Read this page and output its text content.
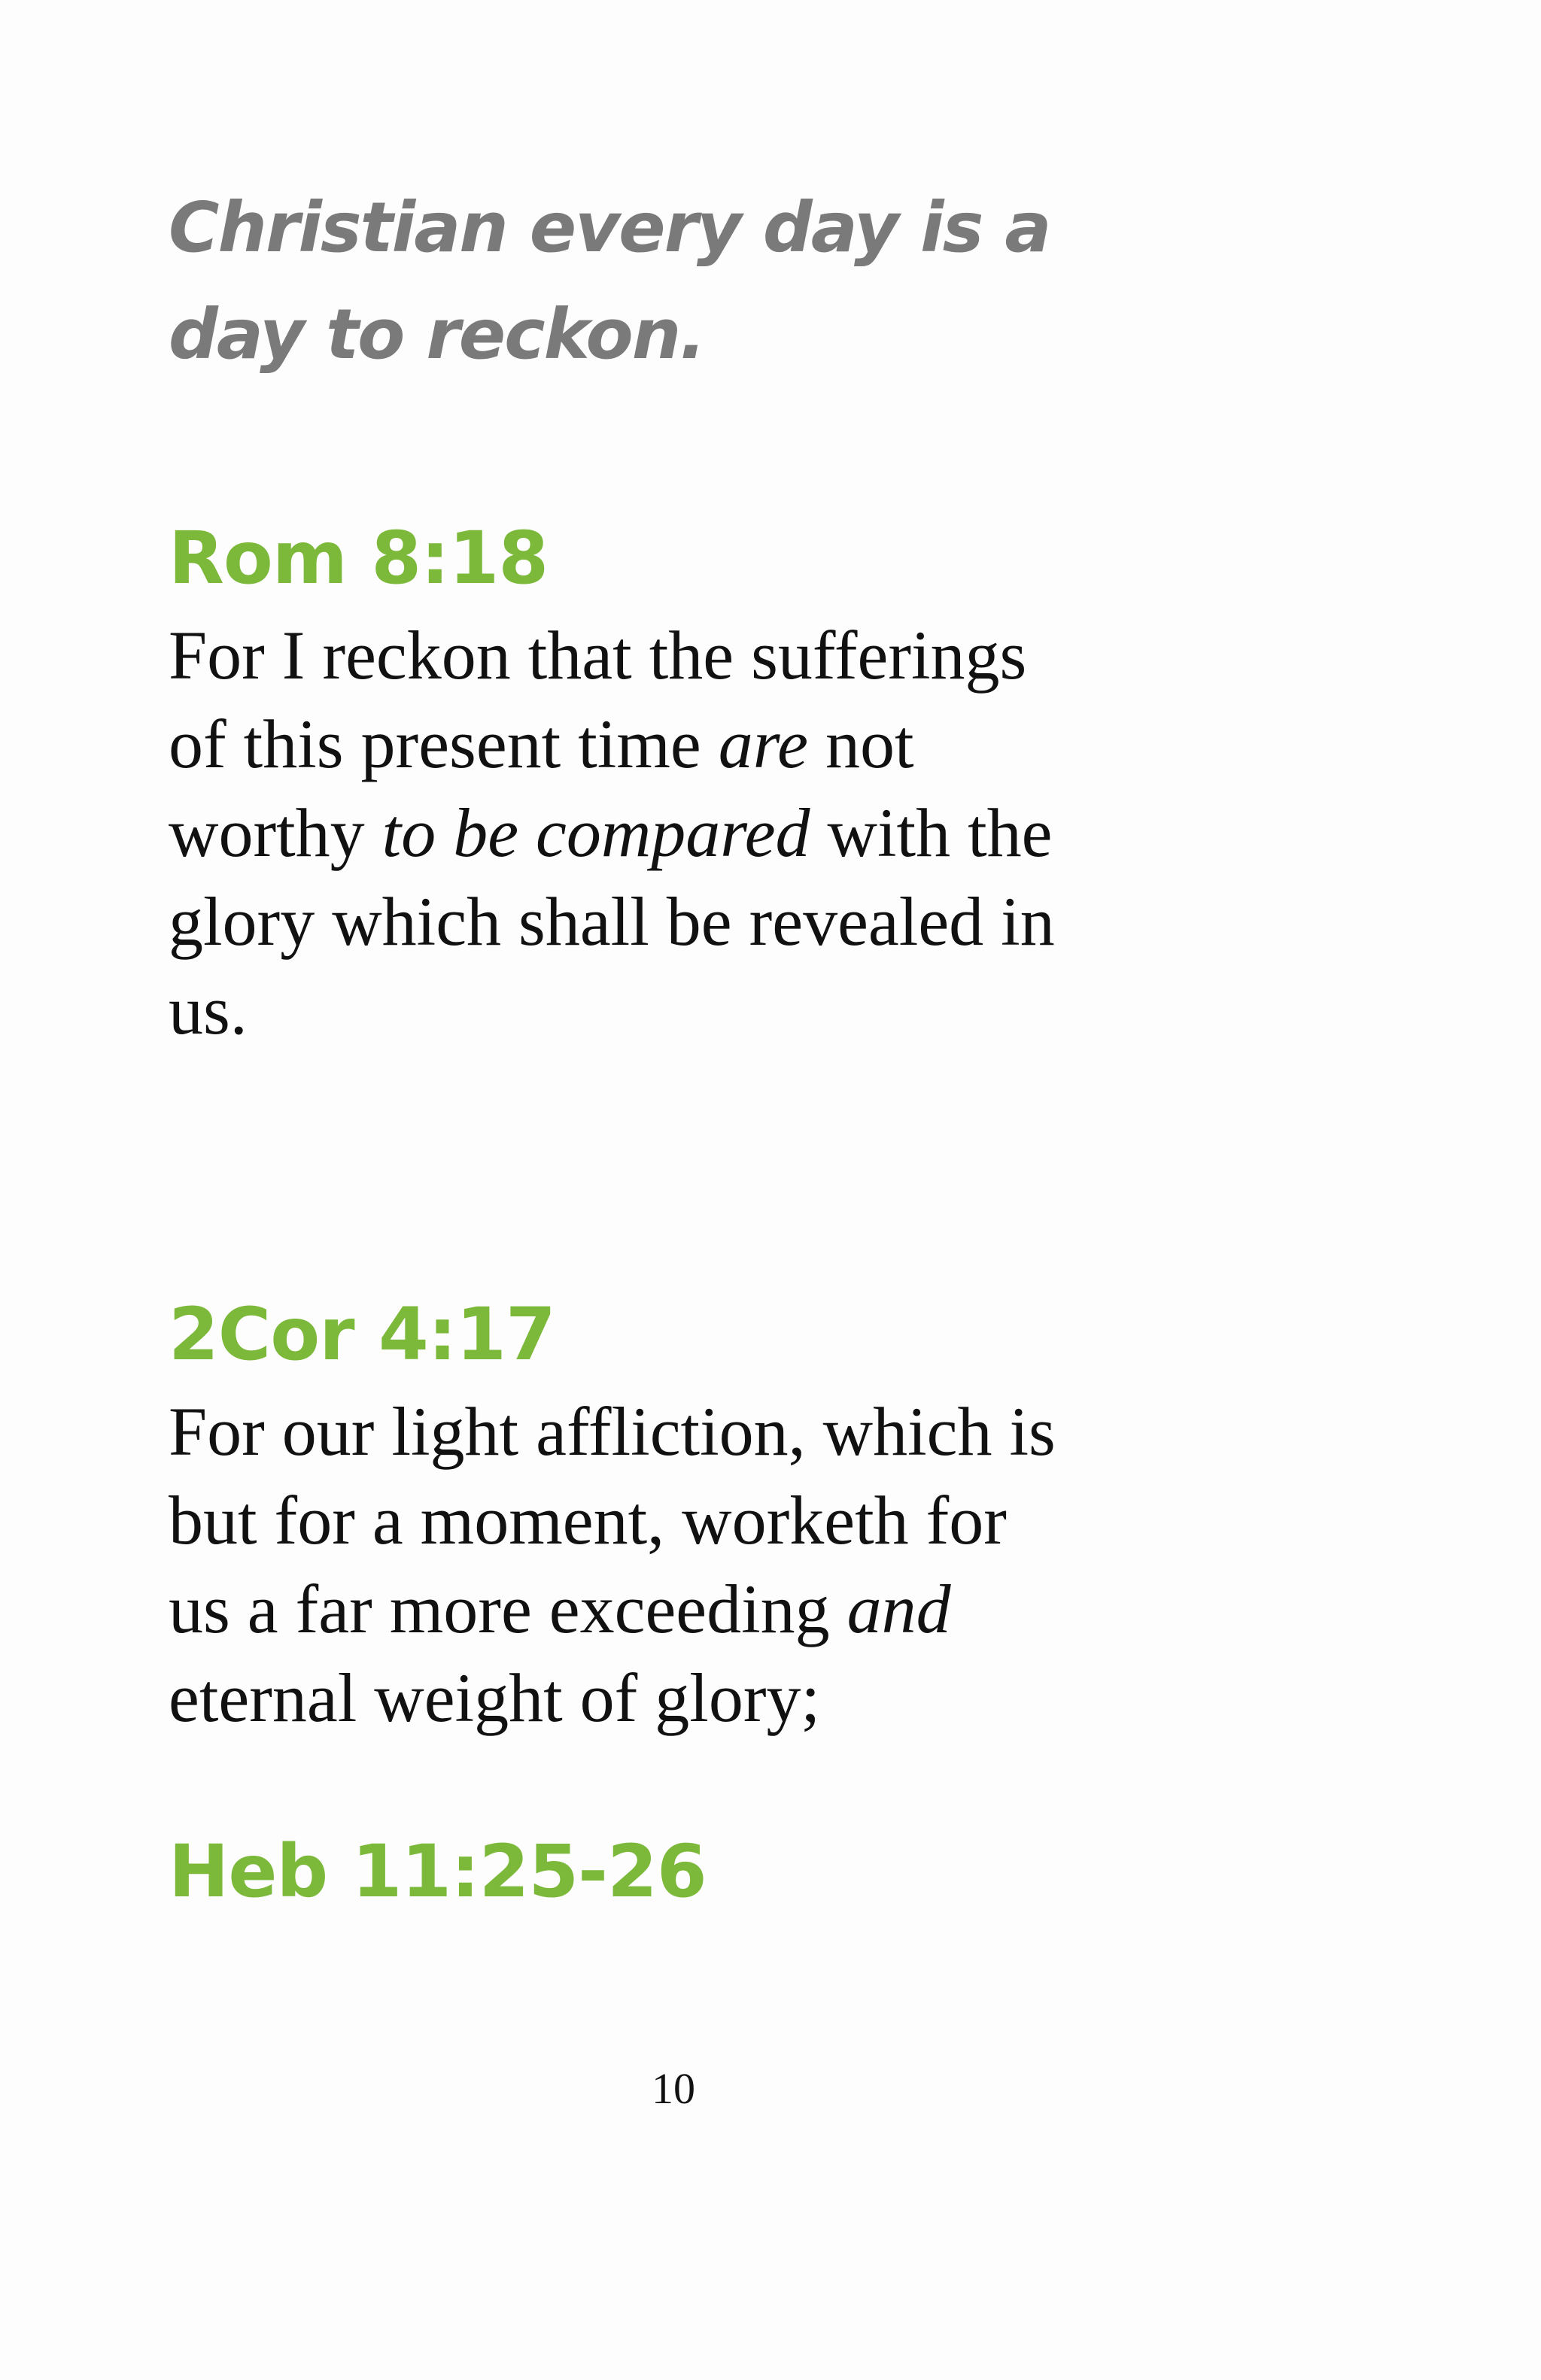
Christian every day is a
day to reckon.

Rom 8:18
For I reckon that the sufferings
of this present time are not
worthy to be compared with the
glory which shall be revealed in
us.
2Cor 4:17
For our light affliction, which is
but for a moment, worketh for
us a far more exceeding and
eternal weight of glory;
Heb 11:25-26
10
